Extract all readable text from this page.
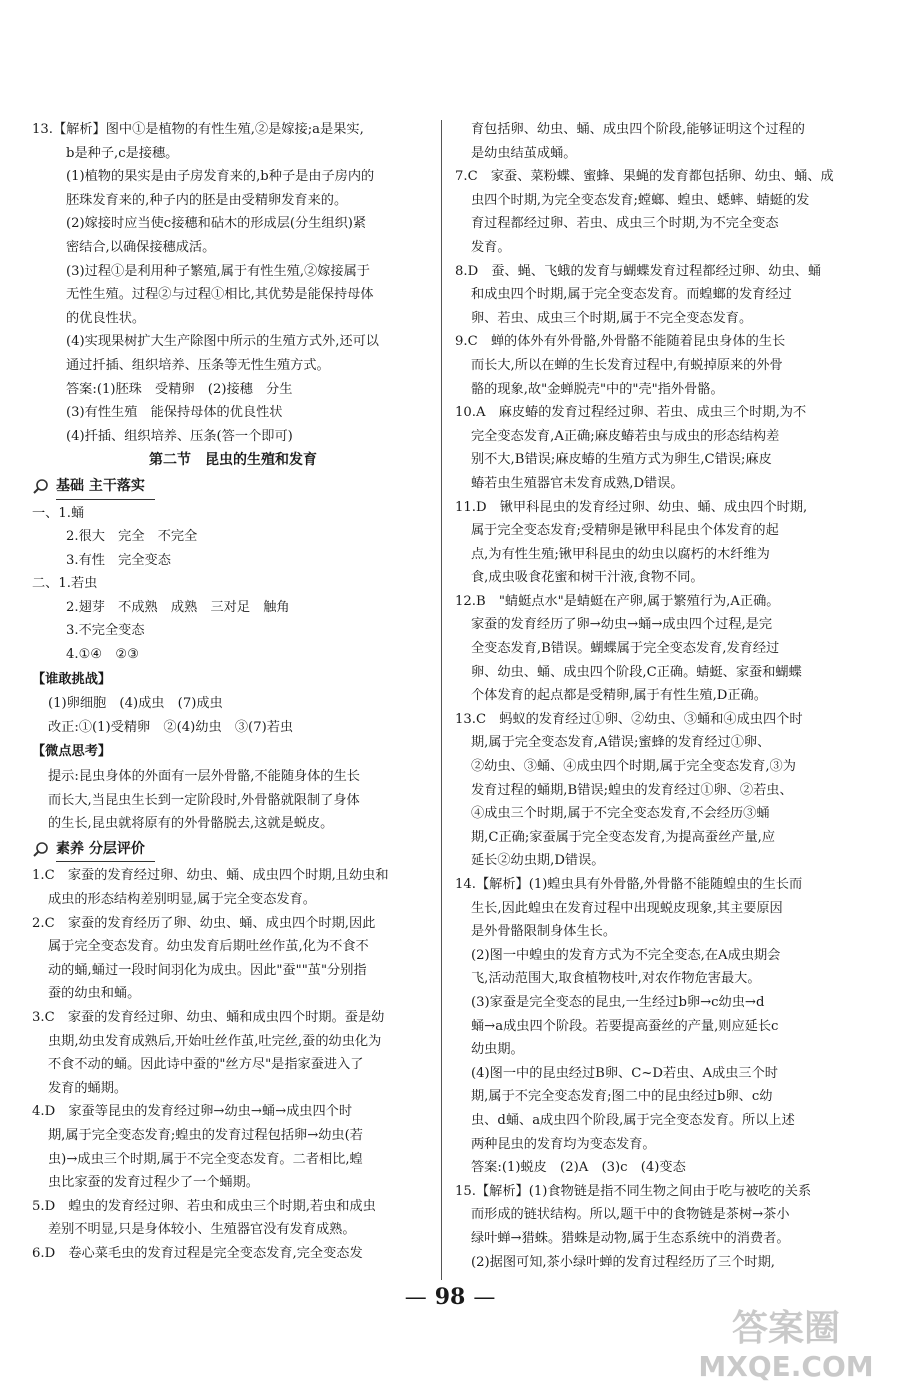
13.【解析】图中①是植物的有性生殖,②是嫁接;a是果实,

b是种子,c是接穗。

(1)植物的果实是由子房发育来的,b种子是由子房内的

胚珠发育来的,种子内的胚是由受精卵发育来的。

(2)嫁接时应当使c接穗和砧木的形成层(分生组织)紧

密结合,以确保接穗成活。

(3)过程①是利用种子繁殖,属于有性生殖,②嫁接属于

无性生殖。过程②与过程①相比,其优势是能保持母体

的优良性状。

(4)实现果树扩大生产除图中所示的生殖方式外,还可以

通过扦插、组织培养、压条等无性生殖方式。

答案:(1)胚珠　受精卵　(2)接穗　分生

(3)有性生殖　能保持母体的优良性状

(4)扦插、组织培养、压条(答一个即可)

第二节　昆虫的生殖和发育

基础 主干落实

一、1.蛹

2.很大　完全　不完全

3.有性　完全变态

二、1.若虫

2.翅芽　不成熟　成熟　三对足　触角

3.不完全变态

4.①④　②③

【谁敢挑战】

(1)卵细胞　(4)成虫　(7)成虫

改正:①(1)受精卵　②(4)幼虫　③(7)若虫

【微点思考】

提示:昆虫身体的外面有一层外骨骼,不能随身体的生长

而长大,当昆虫生长到一定阶段时,外骨骼就限制了身体

的生长,昆虫就将原有的外骨骼脱去,这就是蜕皮。

素养 分层评价

1.C　家蚕的发育经过卵、幼虫、蛹、成虫四个时期,且幼虫和

成虫的形态结构差别明显,属于完全变态发育。

2.C　家蚕的发育经历了卵、幼虫、蛹、成虫四个时期,因此

属于完全变态发育。幼虫发育后期吐丝作茧,化为不食不

动的蛹,蛹过一段时间羽化为成虫。因此"蚕""茧"分别指

蚕的幼虫和蛹。

3.C　家蚕的发育经过卵、幼虫、蛹和成虫四个时期。蚕是幼

虫期,幼虫发育成熟后,开始吐丝作茧,吐完丝,蚕的幼虫化为

不食不动的蛹。因此诗中蚕的"丝方尽"是指家蚕进入了

发育的蛹期。

4.D　家蚕等昆虫的发育经过卵→幼虫→蛹→成虫四个时

期,属于完全变态发育;蝗虫的发育过程包括卵→幼虫(若

虫)→成虫三个时期,属于不完全变态发育。二者相比,蝗

虫比家蚕的发育过程少了一个蛹期。

5.D　蝗虫的发育经过卵、若虫和成虫三个时期,若虫和成虫

差别不明显,只是身体较小、生殖器官没有发育成熟。

6.D　卷心菜毛虫的发育过程是完全变态发育,完全变态发

育包括卵、幼虫、蛹、成虫四个阶段,能够证明这个过程的

是幼虫结茧成蛹。

7.C　家蚕、菜粉蝶、蜜蜂、果蝇的发育都包括卵、幼虫、蛹、成

虫四个时期,为完全变态发育;螳螂、蝗虫、蟋蟀、蜻蜓的发

育过程都经过卵、若虫、成虫三个时期,为不完全变态

发育。

8.D　蚕、蝇、飞蛾的发育与蝴蝶发育过程都经过卵、幼虫、蛹

和成虫四个时期,属于完全变态发育。而蝗螂的发育经过

卵、若虫、成虫三个时期,属于不完全变态发育。

9.C　蝉的体外有外骨骼,外骨骼不能随着昆虫身体的生长

而长大,所以在蝉的生长发育过程中,有蜕掉原来的外骨

骼的现象,故"金蝉脱壳"中的"壳"指外骨骼。

10.A　麻皮蝽的发育过程经过卵、若虫、成虫三个时期,为不

完全变态发育,A正确;麻皮蝽若虫与成虫的形态结构差

别不大,B错误;麻皮蝽的生殖方式为卵生,C错误;麻皮

蝽若虫生殖器官未发育成熟,D错误。

11.D　锹甲科昆虫的发育经过卵、幼虫、蛹、成虫四个时期,

属于完全变态发育;受精卵是锹甲科昆虫个体发育的起

点,为有性生殖;锹甲科昆虫的幼虫以腐朽的木纤维为

食,成虫吸食花蜜和树干汁液,食物不同。

12.B　"蜻蜓点水"是蜻蜓在产卵,属于繁殖行为,A正确。

家蚕的发育经历了卵→幼虫→蛹→成虫四个过程,是完

全变态发育,B错误。蝴蝶属于完全变态发育,发育经过

卵、幼虫、蛹、成虫四个阶段,C正确。蜻蜓、家蚕和蝴蝶

个体发育的起点都是受精卵,属于有性生殖,D正确。

13.C　蚂蚁的发育经过①卵、②幼虫、③蛹和④成虫四个时

期,属于完全变态发育,A错误;蜜蜂的发育经过①卵、

②幼虫、③蛹、④成虫四个时期,属于完全变态发育,③为

发育过程的蛹期,B错误;蝗虫的发育经过①卵、②若虫、

④成虫三个时期,属于不完全变态发育,不会经历③蛹

期,C正确;家蚕属于完全变态发育,为提高蚕丝产量,应

延长②幼虫期,D错误。

14.【解析】(1)蝗虫具有外骨骼,外骨骼不能随蝗虫的生长而

生长,因此蝗虫在发育过程中出现蜕皮现象,其主要原因

是外骨骼限制身体生长。

(2)图一中蝗虫的发育方式为不完全变态,在A成虫期会

飞,活动范围大,取食植物枝叶,对农作物危害最大。

(3)家蚕是完全变态的昆虫,一生经过b卵→c幼虫→d

蛹→a成虫四个阶段。若要提高蚕丝的产量,则应延长c

幼虫期。

(4)图一中的昆虫经过B卵、C~D若虫、A成虫三个时

期,属于不完全变态发育;图二中的昆虫经过b卵、c幼

虫、d蛹、a成虫四个阶段,属于完全变态发育。所以上述

两种昆虫的发育均为变态发育。

答案:(1)蜕皮　(2)A　(3)c　(4)变态

15.【解析】(1)食物链是指不同生物之间由于吃与被吃的关系

而形成的链状结构。所以,题干中的食物链是茶树→茶小

绿叶蝉→猎蛛。猎蛛是动物,属于生态系统中的消费者。

(2)据图可知,茶小绿叶蝉的发育过程经历了三个时期,

— 98 —
答案圈
MXQE.COM
